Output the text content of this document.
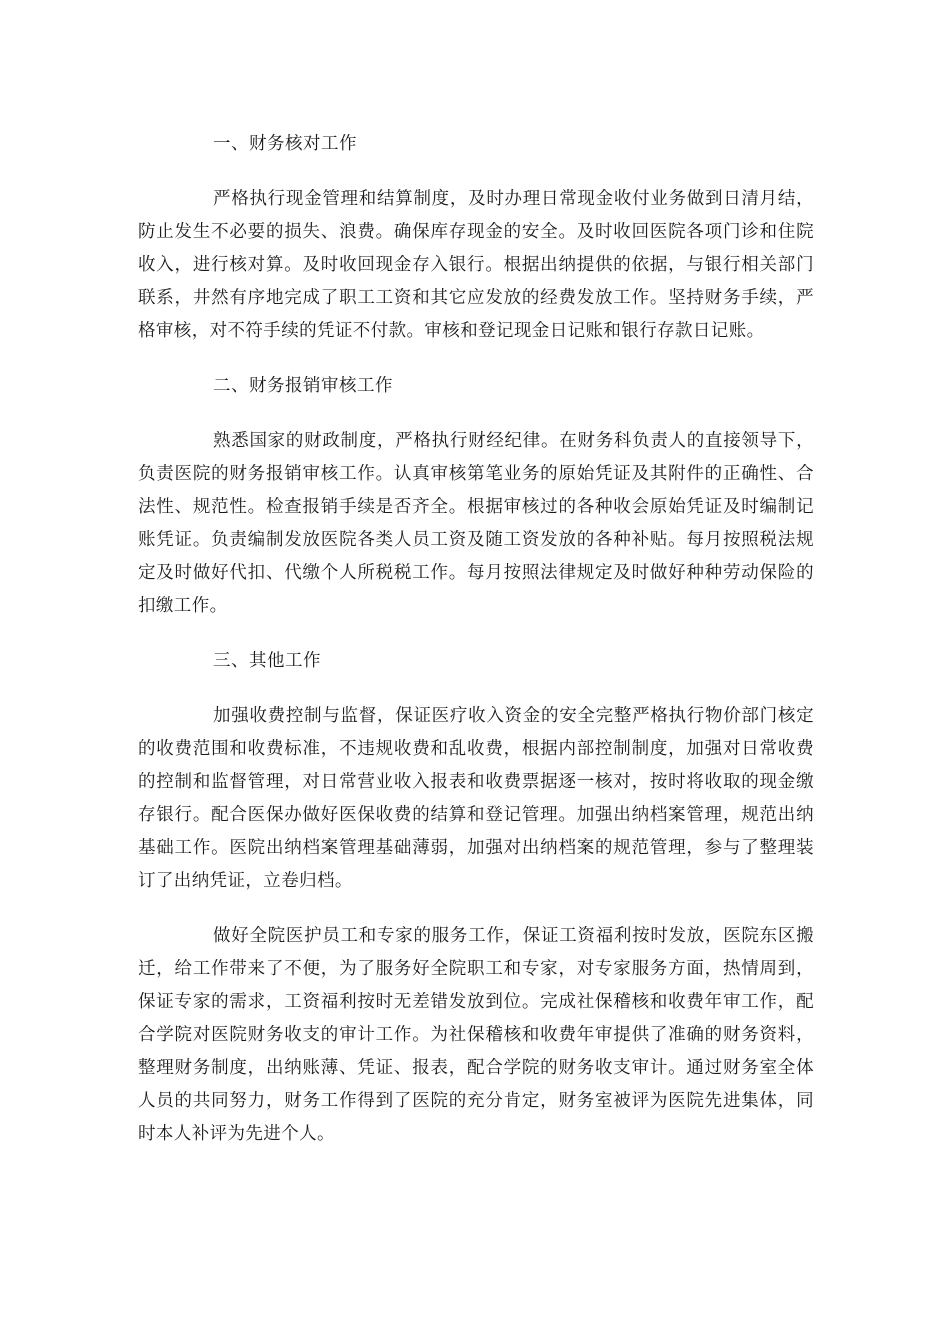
一、财务核对工作

严格执行现金管理和结算制度，及时办理日常现金收付业务做到日清月结，防止发生不必要的损失、浪费。确保库存现金的安全。及时收回医院各项门诊和住院收入，进行核对算。及时收回现金存入银行。根据出纳提供的依据，与银行相关部门联系，井然有序地完成了职工工资和其它应发放的经费发放工作。坚持财务手续，严格审核，对不符手续的凭证不付款。审核和登记现金日记账和银行存款日记账。

二、财务报销审核工作

熟悉国家的财政制度，严格执行财经纪律。在财务科负责人的直接领导下，负责医院的财务报销审核工作。认真审核第笔业务的原始凭证及其附件的正确性、合法性、规范性。检查报销手续是否齐全。根据审核过的各种收会原始凭证及时编制记账凭证。负责编制发放医院各类人员工资及随工资发放的各种补贴。每月按照税法规定及时做好代扣、代缴个人所税税工作。每月按照法律规定及时做好种种劳动保险的扣缴工作。

三、其他工作

加强收费控制与监督，保证医疗收入资金的安全完整严格执行物价部门核定的收费范围和收费标准，不违规收费和乱收费，根据内部控制制度，加强对日常收费的控制和监督管理，对日常营业收入报表和收费票据逐一核对，按时将收取的现金缴存银行。配合医保办做好医保收费的结算和登记管理。加强出纳档案管理，规范出纳基础工作。医院出纳档案管理基础薄弱，加强对出纳档案的规范管理，参与了整理装订了出纳凭证，立卷归档。

做好全院医护员工和专家的服务工作，保证工资福利按时发放，医院东区搬迁，给工作带来了不便，为了服务好全院职工和专家，对专家服务方面，热情周到，保证专家的需求，工资福利按时无差错发放到位。完成社保稽核和收费年审工作，配合学院对医院财务收支的审计工作。为社保稽核和收费年审提供了准确的财务资料，整理财务制度，出纳账薄、凭证、报表，配合学院的财务收支审计。通过财务室全体人员的共同努力，财务工作得到了医院的充分肯定，财务室被评为医院先进集体，同时本人补评为先进个人。
